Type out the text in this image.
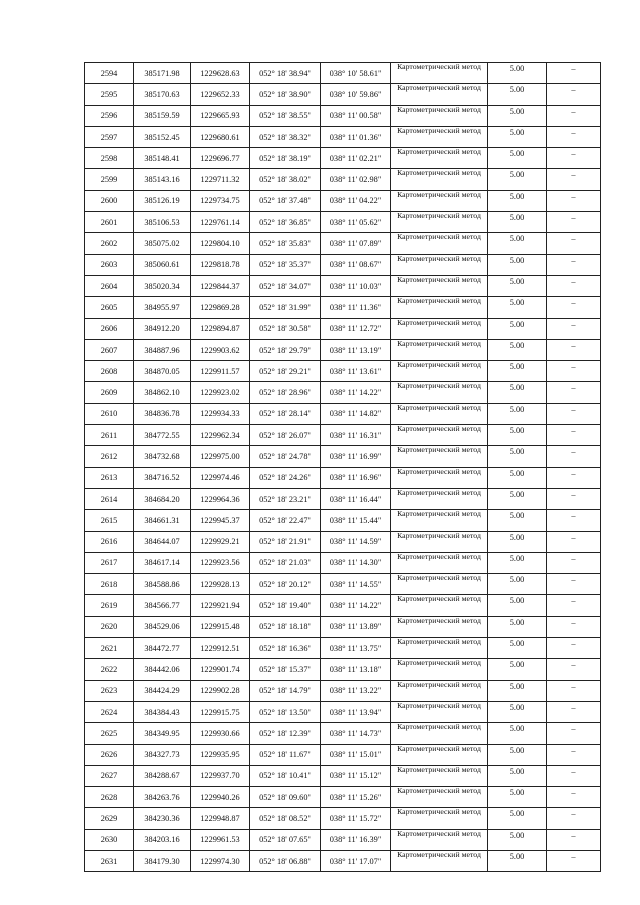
2594	385171.98	1229628.63	052° 18' 38.94"	038° 10' 58.61"	Картометрический метод	5.00	–
2595	385170.63	1229652.33	052° 18' 38.90"	038° 10' 59.86"	Картометрический метод	5.00	–
2596	385159.59	1229665.93	052° 18' 38.55"	038° 11' 00.58"	Картометрический метод	5.00	–
2597	385152.45	1229680.61	052° 18' 38.32"	038° 11' 01.36"	Картометрический метод	5.00	–
2598	385148.41	1229696.77	052° 18' 38.19"	038° 11' 02.21"	Картометрический метод	5.00	–
2599	385143.16	1229711.32	052° 18' 38.02"	038° 11' 02.98"	Картометрический метод	5.00	–
2600	385126.19	1229734.75	052° 18' 37.48"	038° 11' 04.22"	Картометрический метод	5.00	–
2601	385106.53	1229761.14	052° 18' 36.85"	038° 11' 05.62"	Картометрический метод	5.00	–
2602	385075.02	1229804.10	052° 18' 35.83"	038° 11' 07.89"	Картометрический метод	5.00	–
2603	385060.61	1229818.78	052° 18' 35.37"	038° 11' 08.67"	Картометрический метод	5.00	–
2604	385020.34	1229844.37	052° 18' 34.07"	038° 11' 10.03"	Картометрический метод	5.00	–
2605	384955.97	1229869.28	052° 18' 31.99"	038° 11' 11.36"	Картометрический метод	5.00	–
2606	384912.20	1229894.87	052° 18' 30.58"	038° 11' 12.72"	Картометрический метод	5.00	–
2607	384887.96	1229903.62	052° 18' 29.79"	038° 11' 13.19"	Картометрический метод	5.00	–
2608	384870.05	1229911.57	052° 18' 29.21"	038° 11' 13.61"	Картометрический метод	5.00	–
2609	384862.10	1229923.02	052° 18' 28.96"	038° 11' 14.22"	Картометрический метод	5.00	–
2610	384836.78	1229934.33	052° 18' 28.14"	038° 11' 14.82"	Картометрический метод	5.00	–
2611	384772.55	1229962.34	052° 18' 26.07"	038° 11' 16.31"	Картометрический метод	5.00	–
2612	384732.68	1229975.00	052° 18' 24.78"	038° 11' 16.99"	Картометрический метод	5.00	–
2613	384716.52	1229974.46	052° 18' 24.26"	038° 11' 16.96"	Картометрический метод	5.00	–
2614	384684.20	1229964.36	052° 18' 23.21"	038° 11' 16.44"	Картометрический метод	5.00	–
2615	384661.31	1229945.37	052° 18' 22.47"	038° 11' 15.44"	Картометрический метод	5.00	–
2616	384644.07	1229929.21	052° 18' 21.91"	038° 11' 14.59"	Картометрический метод	5.00	–
2617	384617.14	1229923.56	052° 18' 21.03"	038° 11' 14.30"	Картометрический метод	5.00	–
2618	384588.86	1229928.13	052° 18' 20.12"	038° 11' 14.55"	Картометрический метод	5.00	–
2619	384566.77	1229921.94	052° 18' 19.40"	038° 11' 14.22"	Картометрический метод	5.00	–
2620	384529.06	1229915.48	052° 18' 18.18"	038° 11' 13.89"	Картометрический метод	5.00	–
2621	384472.77	1229912.51	052° 18' 16.36"	038° 11' 13.75"	Картометрический метод	5.00	–
2622	384442.06	1229901.74	052° 18' 15.37"	038° 11' 13.18"	Картометрический метод	5.00	–
2623	384424.29	1229902.28	052° 18' 14.79"	038° 11' 13.22"	Картометрический метод	5.00	–
2624	384384.43	1229915.75	052° 18' 13.50"	038° 11' 13.94"	Картометрический метод	5.00	–
2625	384349.95	1229930.66	052° 18' 12.39"	038° 11' 14.73"	Картометрический метод	5.00	–
2626	384327.73	1229935.95	052° 18' 11.67"	038° 11' 15.01"	Картометрический метод	5.00	–
2627	384288.67	1229937.70	052° 18' 10.41"	038° 11' 15.12"	Картометрический метод	5.00	–
2628	384263.76	1229940.26	052° 18' 09.60"	038° 11' 15.26"	Картометрический метод	5.00	–
2629	384230.36	1229948.87	052° 18' 08.52"	038° 11' 15.72"	Картометрический метод	5.00	–
2630	384203.16	1229961.53	052° 18' 07.65"	038° 11' 16.39"	Картометрический метод	5.00	–
2631	384179.30	1229974.30	052° 18' 06.88"	038° 11' 17.07"	Картометрический метод	5.00	–
